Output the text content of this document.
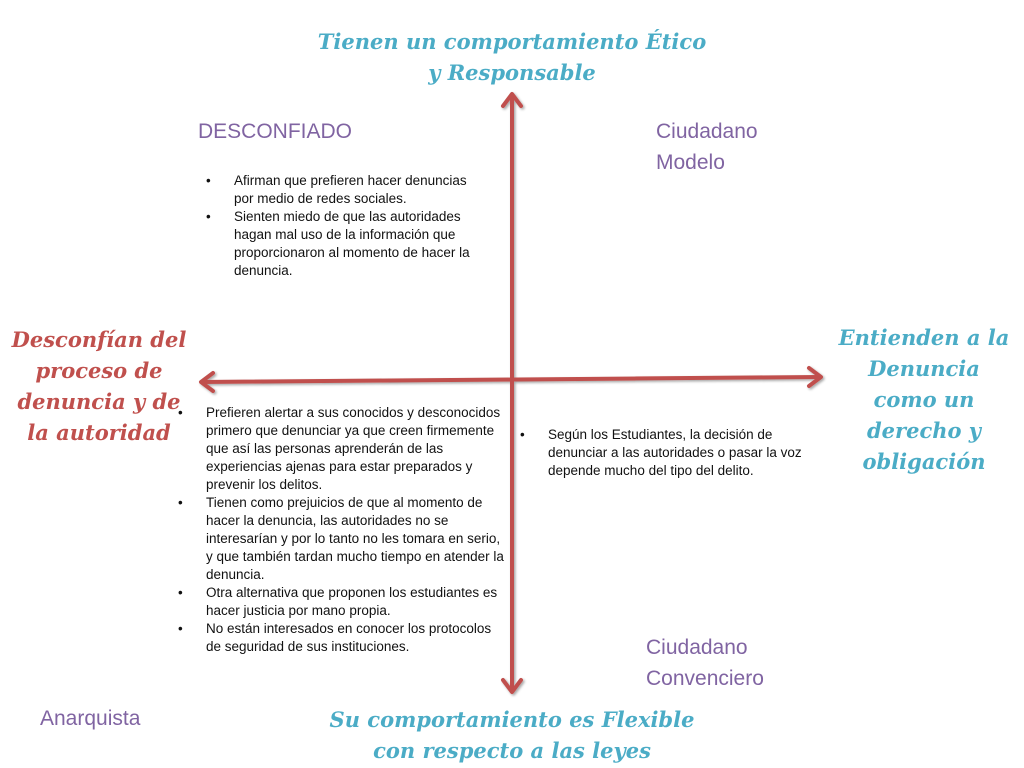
Tienen un comportamiento Ético
y Responsable
Su comportamiento es Flexible
con respecto a las leyes
Desconfían del
proceso de
denuncia y de
la autoridad
Entienden a la
Denuncia
como un
derecho y
obligación
DESCONFIADO	Ciudadano
Modelo
Anarquista
Ciudadano
Convenciero
• Afirman que prefieren hacer denuncias por medio de redes sociales.
• Sienten miedo de que las autoridades hagan mal uso de la información que proporcionaron al momento de hacer la denuncia.
• Prefieren alertar a sus conocidos y desconocidos primero que denunciar ya que creen firmemente que así las personas aprenderán de las experiencias ajenas para estar preparados y prevenir los delitos.
• Tienen como prejuicios de que al momento de hacer la denuncia, las autoridades no se interesarían y por lo tanto no les tomara en serio, y que también tardan mucho tiempo en atender la denuncia.
• Otra alternativa que proponen los estudiantes es hacer justicia por mano propia.
• No están interesados en conocer los protocolos de seguridad de sus instituciones.
• Según los Estudiantes, la decisión de denunciar a las autoridades o pasar la voz depende mucho del tipo del delito.
